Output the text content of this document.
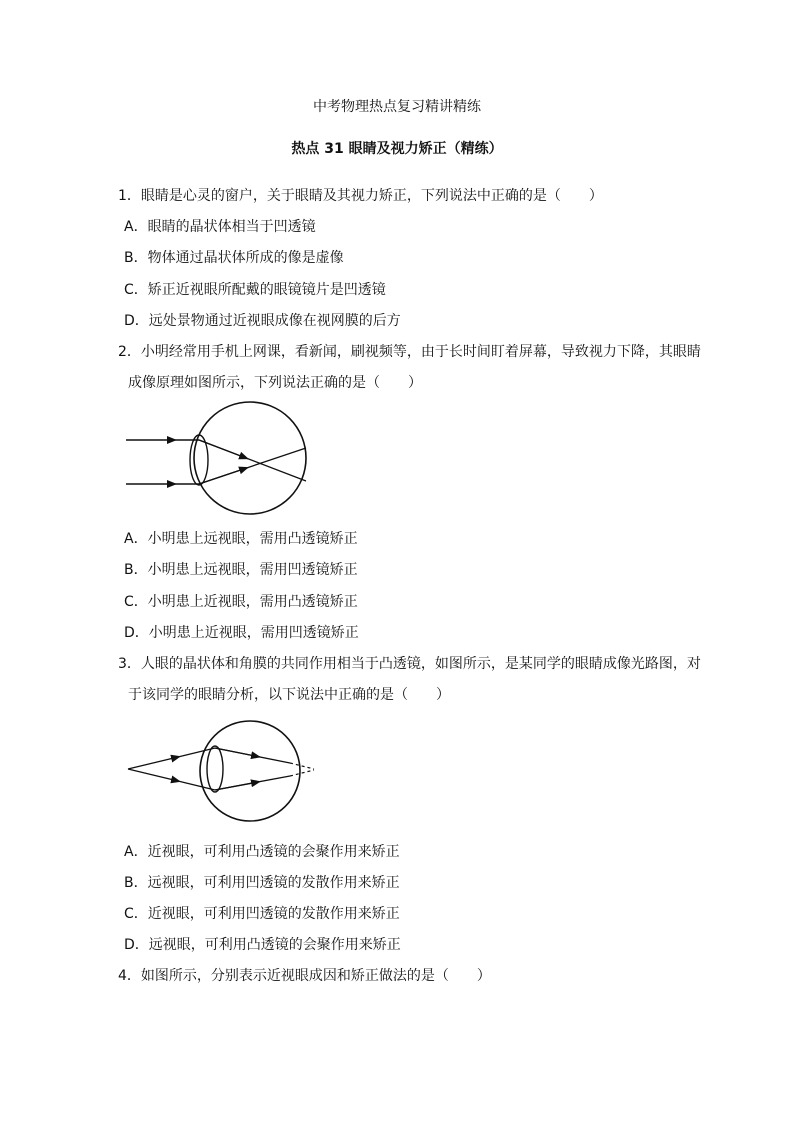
中考物理热点复习精讲精练
热点 31 眼睛及视力矫正（精练）
1．眼睛是心灵的窗户，关于眼睛及其视力矫正，下列说法中正确的是（　　）
A．眼睛的晶状体相当于凹透镜
B．物体通过晶状体所成的像是虚像
C．矫正近视眼所配戴的眼镜镜片是凹透镜
D．远处景物通过近视眼成像在视网膜的后方
2．小明经常用手机上网课，看新闻，刷视频等，由于长时间盯着屏幕，导致视力下降，其眼睛
成像原理如图所示，下列说法正确的是（　　）
A．小明患上远视眼，需用凸透镜矫正
B．小明患上远视眼，需用凹透镜矫正
C．小明患上近视眼，需用凸透镜矫正
D．小明患上近视眼，需用凹透镜矫正
3．人眼的晶状体和角膜的共同作用相当于凸透镜，如图所示，是某同学的眼睛成像光路图，对
于该同学的眼睛分析，以下说法中正确的是（　　）
A．近视眼，可利用凸透镜的会聚作用来矫正
B．远视眼，可利用凹透镜的发散作用来矫正
C．近视眼，可利用凹透镜的发散作用来矫正
D．远视眼，可利用凸透镜的会聚作用来矫正
4．如图所示，分别表示近视眼成因和矫正做法的是（　　）
